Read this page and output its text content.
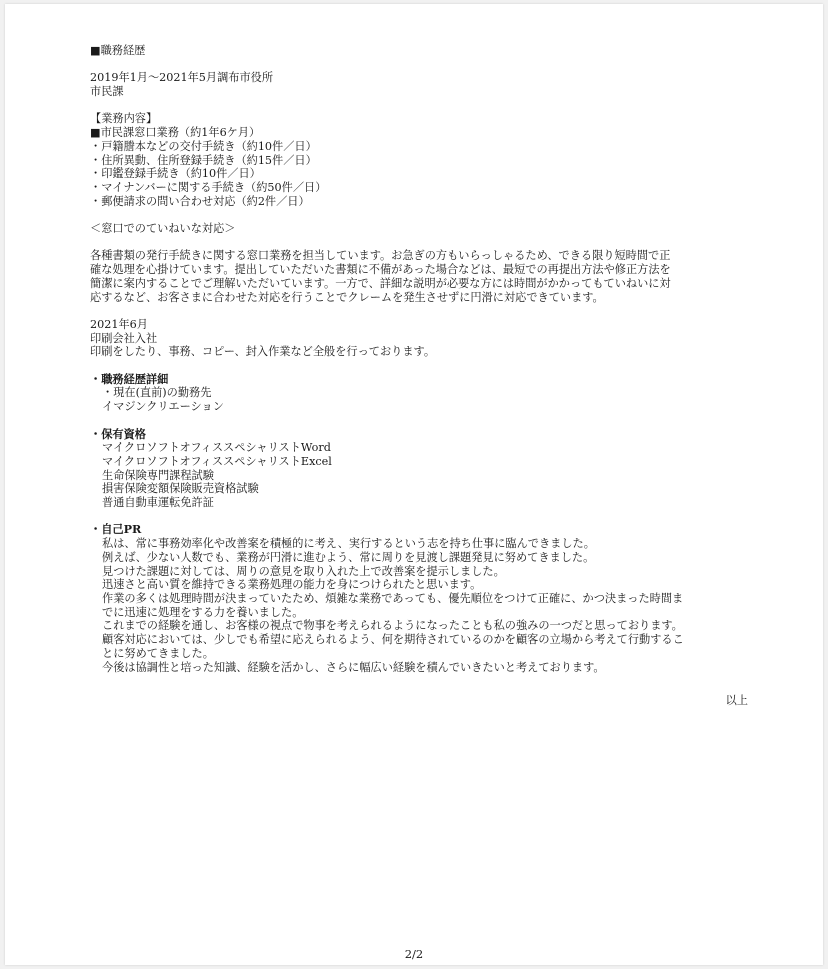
■職務経歴
2019年1月～2021年5月調布市役所
市民課
【業務内容】
■市民課窓口業務（約1年6ケ月）
・戸籍謄本などの交付手続き（約10件／日）
・住所異動、住所登録手続き（約15件／日）
・印鑑登録手続き（約10件／日）
・マイナンバーに関する手続き（約50件／日）
・郵便請求の問い合わせ対応（約2件／日）
＜窓口でのていねいな対応＞
各種書類の発行手続きに関する窓口業務を担当しています。お急ぎの方もいらっしゃるため、できる限り短時間で正
確な処理を心掛けています。提出していただいた書類に不備があった場合などは、最短での再提出方法や修正方法を
簡潔に案内することでご理解いただいています。一方で、詳細な説明が必要な方には時間がかかってもていねいに対
応するなど、お客さまに合わせた対応を行うことでクレームを発生させずに円滑に対応できています。
2021年6月
印刷会社入社
印刷をしたり、事務、コピー、封入作業など全般を行っております。
・職務経歴詳細
・現在(直前)の勤務先
イマジンクリエーション
・保有資格
マイクロソフトオフィススペシャリストWord
マイクロソフトオフィススペシャリストExcel
生命保険専門課程試験
損害保険変額保険販売資格試験
普通自動車運転免許証
・自己PR
私は、常に事務効率化や改善案を積極的に考え、実行するという志を持ち仕事に臨んできました。
例えば、少ない人数でも、業務が円滑に進むよう、常に周りを見渡し課題発見に努めてきました。
見つけた課題に対しては、周りの意見を取り入れた上で改善案を提示しました。
迅速さと高い質を維持できる業務処理の能力を身につけられたと思います。
作業の多くは処理時間が決まっていたため、煩雑な業務であっても、優先順位をつけて正確に、かつ決まった時間ま
でに迅速に処理をする力を養いました。
これまでの経験を通し、お客様の視点で物事を考えられるようになったことも私の強みの一つだと思っております。
顧客対応においては、少しでも希望に応えられるよう、何を期待されているのかを顧客の立場から考えて行動するこ
とに努めてきました。
今後は協調性と培った知識、経験を活かし、さらに幅広い経験を積んでいきたいと考えております。
以上
2/2
